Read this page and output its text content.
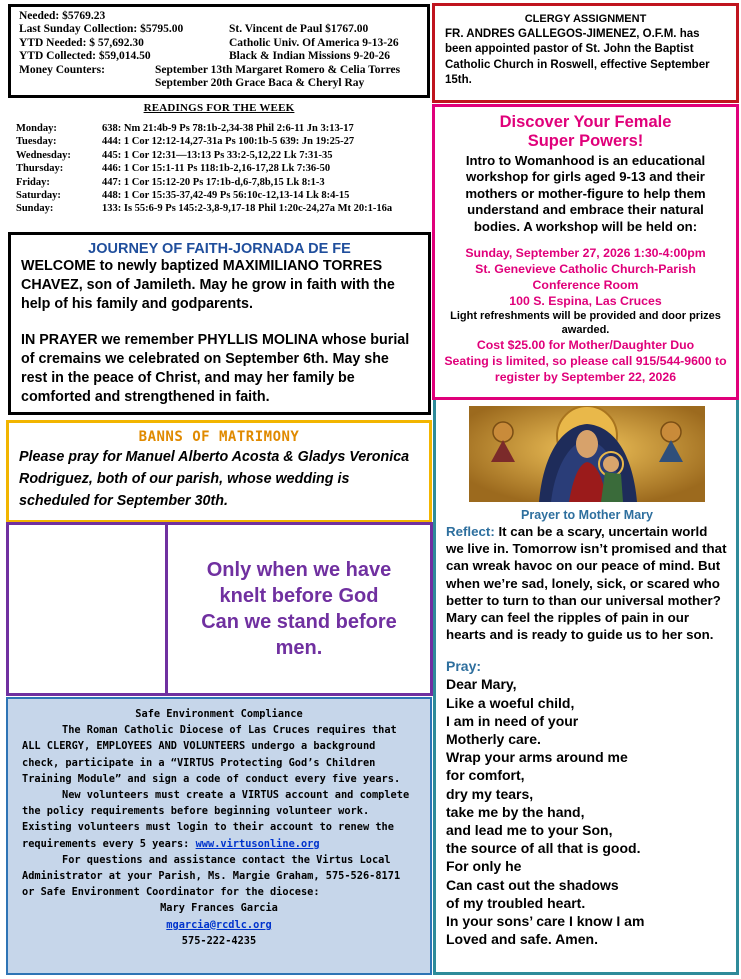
Needed: $5769.23
Last Sunday Collection: $5795.00	St. Vincent de Paul $1767.00
YTD Needed: $ 57,692.30	Catholic Univ. Of America 9-13-26
YTD Collected: $59,014.50	Black & Indian Missions 9-20-26
Money Counters:	September 13th Margaret Romero & Celia Torres
September 20th Grace Baca & Cheryl Ray
READINGS FOR THE WEEK
Monday:	638: Nm 21:4b-9 Ps 78:1b-2,34-38 Phil 2:6-11 Jn 3:13-17
Tuesday:	444: 1 Cor 12:12-14,27-31a Ps 100:1b-5 639: Jn 19:25-27
Wednesday:	445: 1 Cor 12:31—13:13 Ps 33:2-5,12,22 Lk 7:31-35
Thursday:	446: 1 Cor 15:1-11 Ps 118:1b-2,16-17,28 Lk 7:36-50
Friday:	447: 1 Cor 15:12-20 Ps 17:1b-d,6-7,8b,15 Lk 8:1-3
Saturday:	448: 1 Cor 15:35-37,42-49 Ps 56:10c-12,13-14 Lk 8:4-15
Sunday:	133: Is 55:6-9 Ps 145:2-3,8-9,17-18 Phil 1:20c-24,27a Mt 20:1-16a
CLERGY ASSIGNMENT
FR. ANDRES GALLEGOS-JIMENEZ, O.F.M. has been appointed pastor of St. John the Baptist Catholic Church in Roswell, effective September 15th.
Discover Your Female
Super Powers!
Intro to Womanhood is an educational workshop for girls aged 9-13 and their mothers or mother-figure to help them understand and embrace their natural bodies. A workshop will be held on:
Sunday, September 27, 2026 1:30-4:00pm
St. Genevieve Catholic Church-Parish
Conference Room
100 S. Espina, Las Cruces
Light refreshments will be provided and door prizes awarded.
Cost $25.00 for Mother/Daughter Duo
Seating is limited, so please call 915/544-9600 to register by September 22, 2026
JOURNEY OF FAITH-JORNADA DE FE

WELCOME to newly baptized MAXIMILIANO TORRES CHAVEZ, son of Jamileth. May he grow in faith with the help of his family and godparents.

IN PRAYER we remember PHYLLIS MOLINA whose burial of cremains we celebrated on September 6th. May she rest in the peace of Christ, and may her family be comforted and strengthened in faith.

BANNS OF MATRIMONY

Please pray for Manuel Alberto Acosta & Gladys Veronica Rodriguez, both of our parish, whose wedding is scheduled for September 30th.

Only when we have
knelt before God
Can we stand before
men.
Safe Environment Compliance
The Roman Catholic Diocese of Las Cruces requires that ALL CLERGY, EMPLOYEES AND VOLUNTEERS undergo a background check, participate in a “VIRTUS Protecting God’s Children Training Module” and sign a code of conduct every five years.
New volunteers must create a VIRTUS account and complete the policy requirements before beginning volunteer work. Existing volunteers must login to their account to renew the requirements every 5 years: www.virtusonline.org
For questions and assistance contact the Virtus Local Administrator at your Parish, Ms. Margie Graham, 575-526-8171 or Safe Environment Coordinator for the diocese:
Mary Frances Garcia
mgarcia@rcdlc.org
575-222-4235
Prayer to Mother Mary
Reflect: It can be a scary, uncertain world we live in. Tomorrow isn’t promised and that can wreak havoc on our peace of mind. But when we’re sad, lonely, sick, or scared who better to turn to than our universal mother? Mary can feel the ripples of pain in our hearts and is ready to guide us to her son.
Pray:
Dear Mary,
Like a woeful child,
I am in need of your
Motherly care.
Wrap your arms around me
for comfort,
dry my tears,
take me by the hand,
and lead me to your Son,
the source of all that is good.
For only he
Can cast out the shadows
of my troubled heart.
In your sons’ care I know I am
Loved and safe. Amen.
